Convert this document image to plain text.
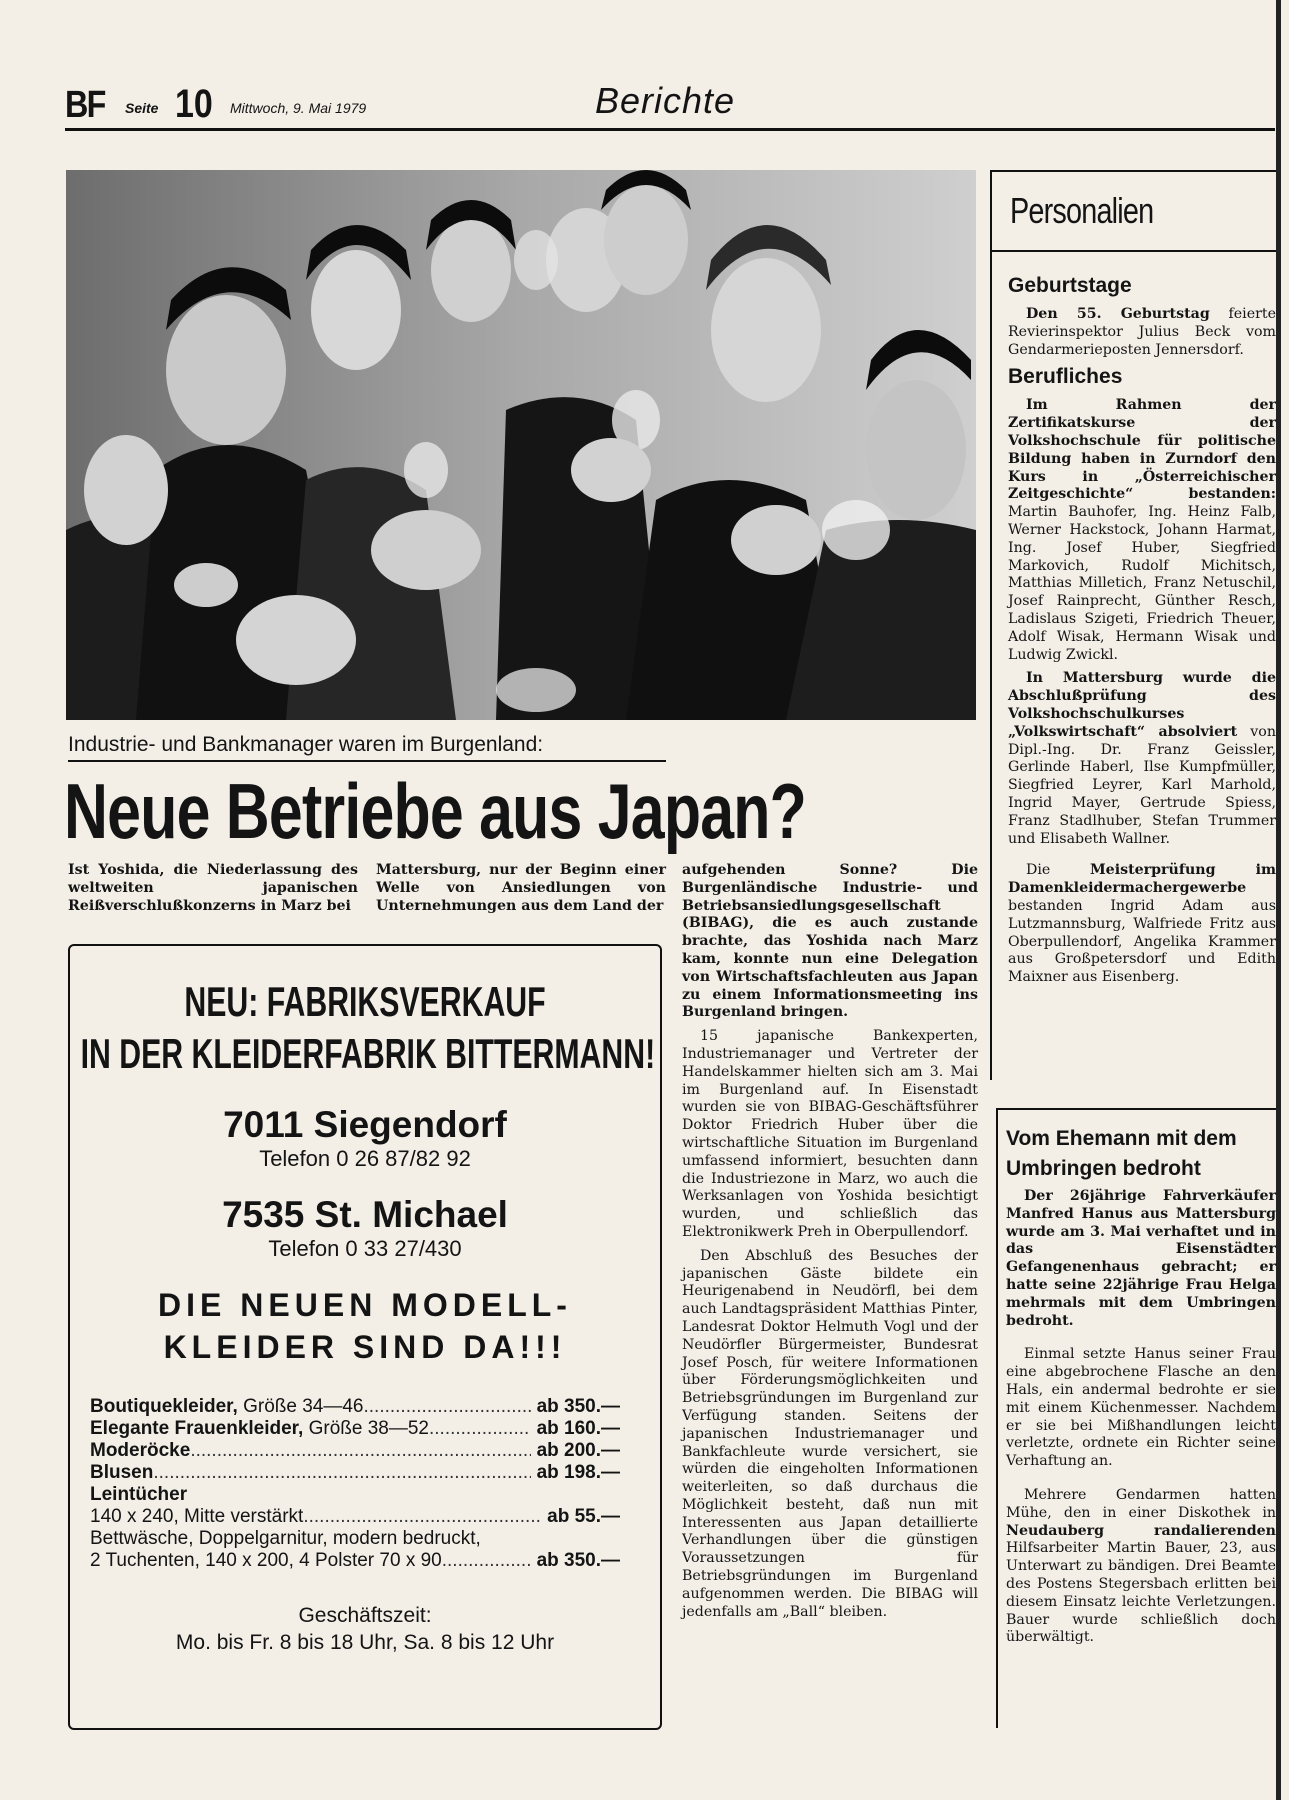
BF Seite 10 Mittwoch, 9. Mai 1979	Berichte
Industrie- und Bankmanager waren im Burgenland:
Neue Betriebe aus Japan?
Ist Yoshida, die Niederlassung des weltweiten japanischen Reißverschlußkonzerns in Marz bei
Mattersburg, nur der Beginn einer Welle von Ansiedlungen von Unternehmungen aus dem Land der

aufgehenden Sonne? Die Burgenländische Industrie- und Betriebsansiedlungsgesellschaft (BIBAG), die es auch zustande brachte, das Yoshida nach Marz kam, konnte nun eine Delegation von Wirtschaftsfachleuten aus Japan zu einem Informationsmeeting ins Burgenland bringen.

15 japanische Bankexperten, Industriemanager und Vertreter der Handelskammer hielten sich am 3. Mai im Burgenland auf. In Eisenstadt wurden sie von BIBAG-Geschäftsführer Doktor Friedrich Huber über die wirtschaftliche Situation im Burgenland umfassend informiert, besuchten dann die Industriezone in Marz, wo auch die Werksanlagen von Yoshida besichtigt wurden, und schließlich das Elektronikwerk Preh in Oberpullendorf.

Den Abschluß des Besuches der japanischen Gäste bildete ein Heurigenabend in Neudörfl, bei dem auch Landtagspräsident Matthias Pinter, Landesrat Doktor Helmuth Vogl und der Neudörfler Bürgermeister, Bundesrat Josef Posch, für weitere Informationen über Förderungsmöglichkeiten und Betriebsgründungen im Burgenland zur Verfügung standen. Seitens der japanischen Industriemanager und Bankfachleute wurde versichert, sie würden die eingeholten Informationen weiterleiten, so daß durchaus die Möglichkeit besteht, daß nun mit Interessenten aus Japan detaillierte Verhandlungen über die günstigen Voraussetzungen für Betriebsgründungen im Burgenland aufgenommen werden. Die BIBAG will jedenfalls am „Ball“ bleiben.

NEU: FABRIKSVERKAUF
IN DER KLEIDERFABRIK BITTERMANN!
7011 Siegendorf
Telefon 0 26 87/82 92
7535 St. Michael
Telefon 0 33 27/430
DIE NEUEN MODELL-
KLEIDER SIND DA!!!
Boutiquekleider, Größe 34—46 .....	ab 350.—
Elegante Frauenkleider, Größe 38—52 .....	ab 160.—
Moderöcke .....	ab 200.—
Blusen .....	ab 198.—
Leintücher
140 x 240, Mitte verstärkt .....	ab 55.—
Bettwäsche, Doppelgarnitur, modern bedruckt,
2 Tuchenten, 140 x 200, 4 Polster 70 x 90 .....	ab 350.—
Geschäftszeit:
Mo. bis Fr. 8 bis 18 Uhr, Sa. 8 bis 12 Uhr
Personalien
Geburtstage

Den 55. Geburtstag feierte Revierinspektor Julius Beck vom Gendarmerieposten Jennersdorf.

Berufliches

Im Rahmen der Zertifikatskurse der Volkshochschule für politische Bildung haben in Zurndorf den Kurs in „Österreichischer Zeitgeschichte“ bestanden: Martin Bauhofer, Ing. Heinz Falb, Werner Hackstock, Johann Harmat, Ing. Josef Huber, Siegfried Markovich, Rudolf Michitsch, Matthias Milletich, Franz Netuschil, Josef Rainprecht, Günther Resch, Ladislaus Szigeti, Friedrich Theuer, Adolf Wisak, Hermann Wisak und Ludwig Zwickl.

In Mattersburg wurde die Abschlußprüfung des Volkshochschulkurses „Volkswirtschaft“ absolviert von Dipl.-Ing. Dr. Franz Geissler, Gerlinde Haberl, Ilse Kumpfmüller, Siegfried Leyrer, Karl Marhold, Ingrid Mayer, Gertrude Spiess, Franz Stadlhuber, Stefan Trummer und Elisabeth Wallner.

Die Meisterprüfung im Damenkleidermachergewerbe bestanden Ingrid Adam aus Lutzmannsburg, Walfriede Fritz aus Oberpullendorf, Angelika Krammer aus Großpetersdorf und Edith Maixner aus Eisenberg.

Vom Ehemann mit dem Umbringen bedroht

Der 26jährige Fahrverkäufer Manfred Hanus aus Mattersburg wurde am 3. Mai verhaftet und in das Eisenstädter Gefangenenhaus gebracht; er hatte seine 22jährige Frau Helga mehrmals mit dem Umbringen bedroht.

Einmal setzte Hanus seiner Frau eine abgebrochene Flasche an den Hals, ein andermal bedrohte er sie mit einem Küchenmesser. Nachdem er sie bei Mißhandlungen leicht verletzte, ordnete ein Richter seine Verhaftung an.

Mehrere Gendarmen hatten Mühe, den in einer Diskothek in Neudauberg randalierenden Hilfsarbeiter Martin Bauer, 23, aus Unterwart zu bändigen. Drei Beamte des Postens Stegersbach erlitten bei diesem Einsatz leichte Verletzungen. Bauer wurde schließlich doch überwältigt.
